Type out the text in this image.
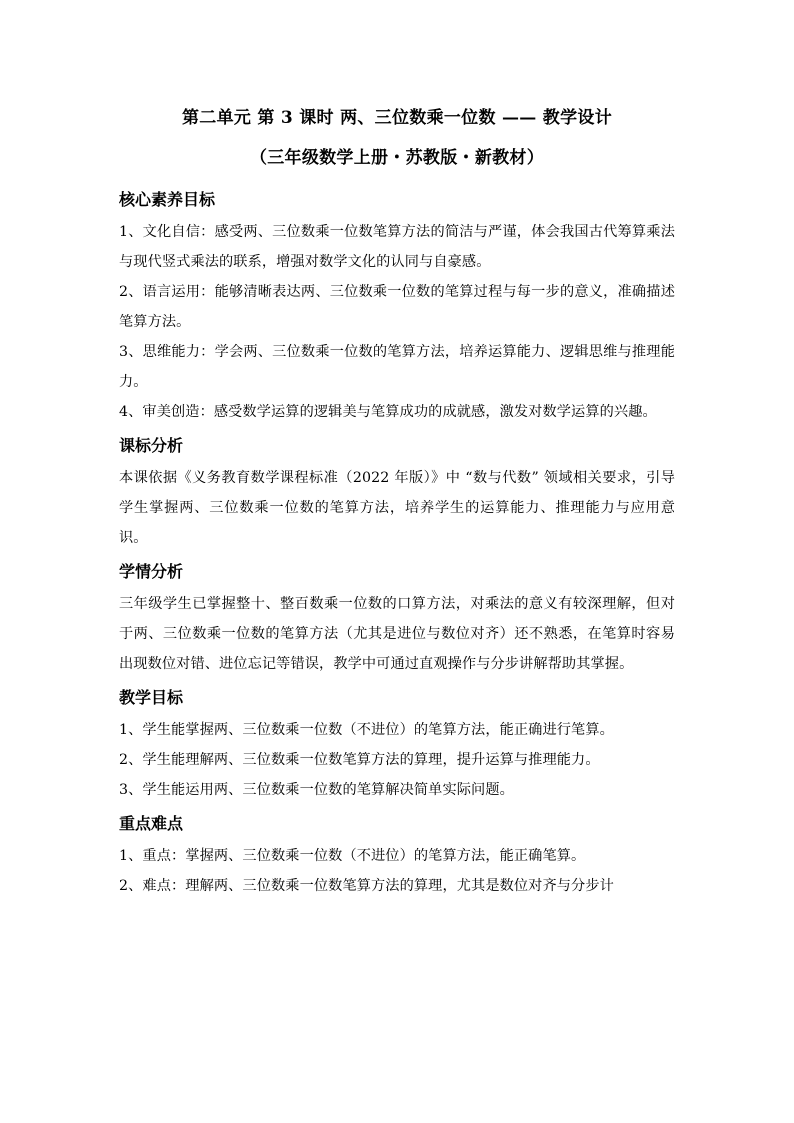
第二单元 第 3 课时 两、三位数乘一位数 —— 教学设计
（三年级数学上册・苏教版・新教材）

核心素养目标

1、文化自信：感受两、三位数乘一位数笔算方法的简洁与严谨，体会我国古代筹算乘法与现代竖式乘法的联系，增强对数学文化的认同与自豪感。

2、语言运用：能够清晰表达两、三位数乘一位数的笔算过程与每一步的意义，准确描述笔算方法。

3、思维能力：学会两、三位数乘一位数的笔算方法，培养运算能力、逻辑思维与推理能力。

4、审美创造：感受数学运算的逻辑美与笔算成功的成就感，激发对数学运算的兴趣。

课标分析

本课依据《义务教育数学课程标准（2022 年版）》中 “数与代数” 领域相关要求，引导学生掌握两、三位数乘一位数的笔算方法，培养学生的运算能力、推理能力与应用意识。

学情分析

三年级学生已掌握整十、整百数乘一位数的口算方法，对乘法的意义有较深理解，但对于两、三位数乘一位数的笔算方法（尤其是进位与数位对齐）还不熟悉，在笔算时容易出现数位对错、进位忘记等错误，教学中可通过直观操作与分步讲解帮助其掌握。

教学目标

1、学生能掌握两、三位数乘一位数（不进位）的笔算方法，能正确进行笔算。

2、学生能理解两、三位数乘一位数笔算方法的算理，提升运算与推理能力。

3、学生能运用两、三位数乘一位数的笔算解决简单实际问题。

重点难点

1、重点：掌握两、三位数乘一位数（不进位）的笔算方法，能正确笔算。

2、难点：理解两、三位数乘一位数笔算方法的算理，尤其是数位对齐与分步计
